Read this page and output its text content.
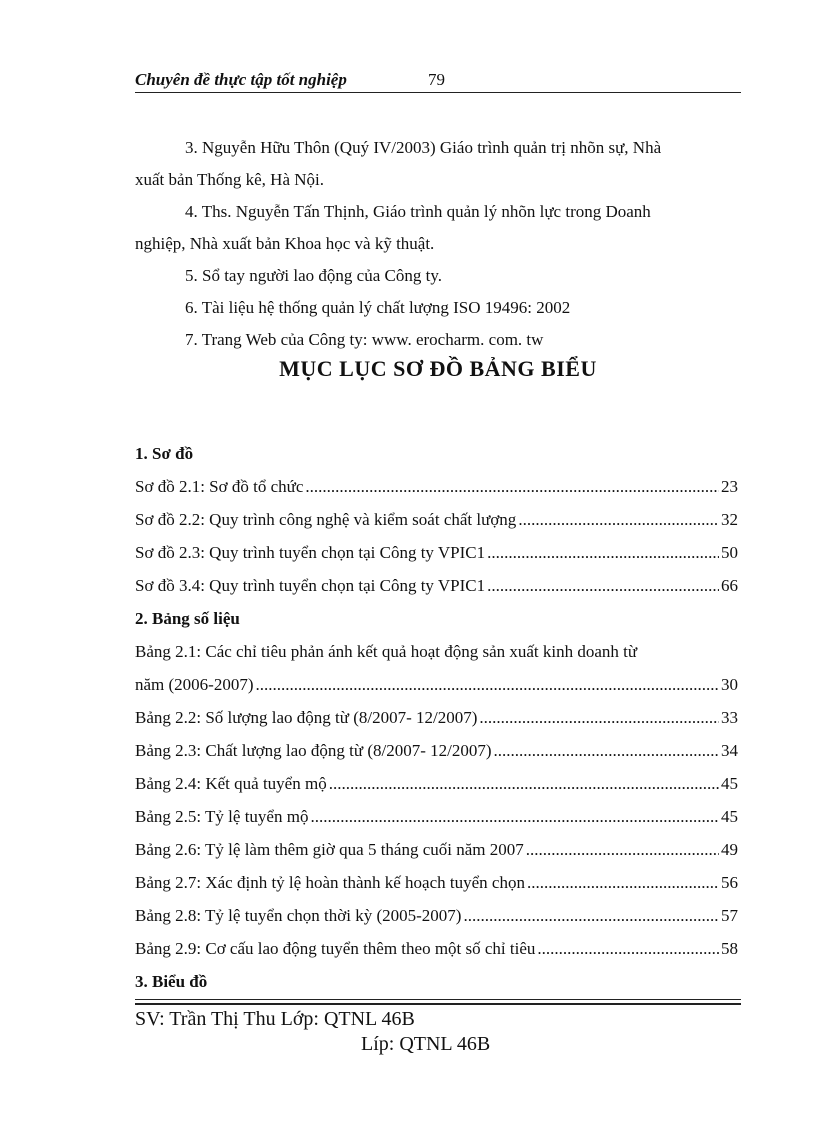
Chuyên đề thực tập tốt nghiệp	79
3. Nguyễn Hữu Thôn (Quý IV/2003) Giáo trình quản trị nhõn sự, Nhà
xuất bản Thống kê, Hà Nội.
4. Ths. Nguyễn Tấn Thịnh, Giáo trình quản lý nhõn lực trong Doanh
nghiệp, Nhà xuất bản Khoa học và kỹ thuật.
5. Sổ tay người lao động của Công ty.
6. Tài liệu hệ thống quản lý chất lượng ISO 19496: 2002
7. Trang Web của Công ty: www. erocharm. com. tw
MỤC LỤC SƠ ĐỒ BẢNG BIỂU
1. Sơ đồ
Sơ đồ 2.1: Sơ đồ tổ chức .....	23
Sơ đồ 2.2: Quy trình công nghệ và kiểm soát chất lượng .....	32
Sơ đồ 2.3: Quy trình tuyển chọn tại Công ty VPIC1 .....	50
Sơ đồ 3.4: Quy trình tuyển chọn tại Công ty VPIC1 .....	66
2. Bảng số liệu
Bảng 2.1: Các chỉ tiêu phản ánh kết quả hoạt động sản xuất kinh doanh từ
năm (2006-2007) .....	30
Bảng 2.2: Số lượng lao động từ (8/2007- 12/2007) .....	33
Bảng 2.3: Chất lượng lao động từ (8/2007- 12/2007) .....	34
Bảng 2.4: Kết quả tuyển mộ .....	45
Bảng 2.5: Tỷ lệ tuyển mộ .....	45
Bảng 2.6: Tỷ lệ làm thêm giờ qua 5 tháng cuối năm 2007 .....	49
Bảng 2.7: Xác định tỷ lệ hoàn thành kế hoạch tuyển chọn .....	56
Bảng 2.8: Tỷ lệ tuyển chọn thời kỳ (2005-2007) .....	57
Bảng 2.9: Cơ cấu lao động tuyển thêm theo một số chỉ tiêu .....	58
3. Biểu đồ
SV: Trần Thị Thu Lớp: QTNL 46B
Líp: QTNL 46B
